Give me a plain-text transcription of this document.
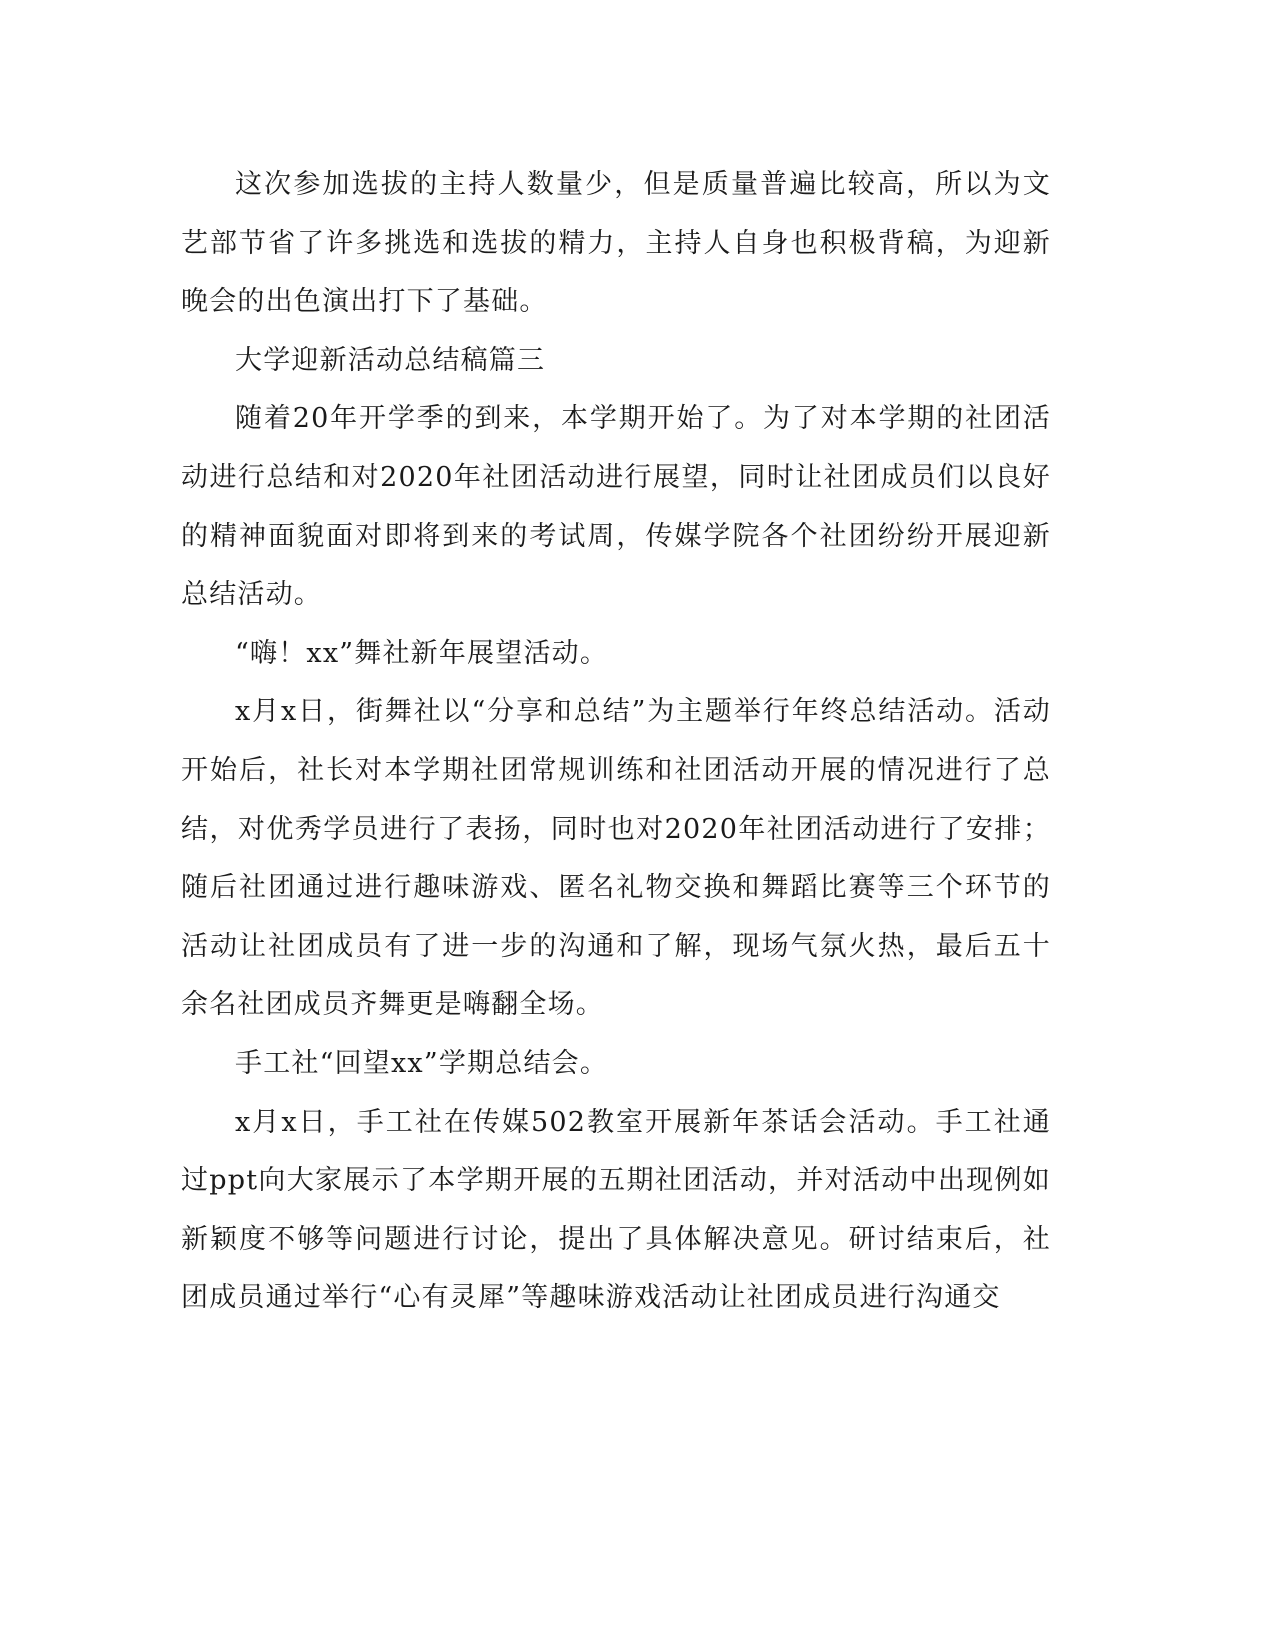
这次参加选拔的主持人数量少，但是质量普遍比较高，所以为文艺部节省了许多挑选和选拔的精力，主持人自身也积极背稿，为迎新晚会的出色演出打下了基础。

大学迎新活动总结稿篇三

随着20年开学季的到来，本学期开始了。为了对本学期的社团活动进行总结和对2020年社团活动进行展望，同时让社团成员们以良好的精神面貌面对即将到来的考试周，传媒学院各个社团纷纷开展迎新总结活动。

“嗨！xx”舞社新年展望活动。

x月x日，街舞社以“分享和总结”为主题举行年终总结活动。活动开始后，社长对本学期社团常规训练和社团活动开展的情况进行了总结，对优秀学员进行了表扬，同时也对2020年社团活动进行了安排；随后社团通过进行趣味游戏、匿名礼物交换和舞蹈比赛等三个环节的活动让社团成员有了进一步的沟通和了解，现场气氛火热，最后五十余名社团成员齐舞更是嗨翻全场。

手工社“回望xx”学期总结会。

x月x日，手工社在传媒502教室开展新年茶话会活动。手工社通过ppt向大家展示了本学期开展的五期社团活动，并对活动中出现例如新颖度不够等问题进行讨论，提出了具体解决意见。研讨结束后，社团成员通过举行“心有灵犀”等趣味游戏活动让社团成员进行沟通交
